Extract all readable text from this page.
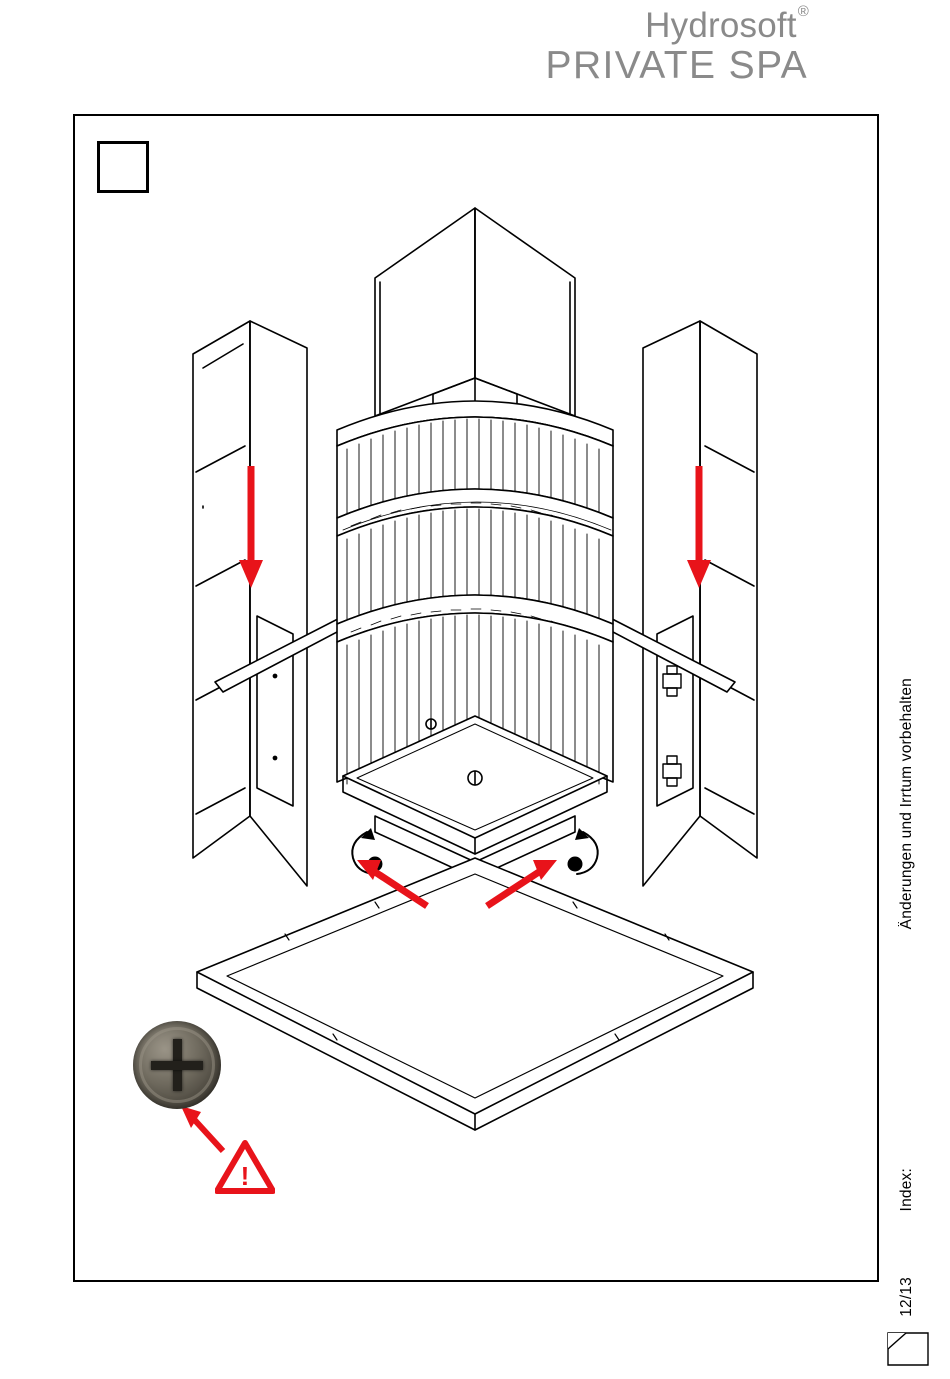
Hydrosoft®
PRIVATE SPA
!
Änderungen und Irrtum vorbehalten
Index:
12/13
